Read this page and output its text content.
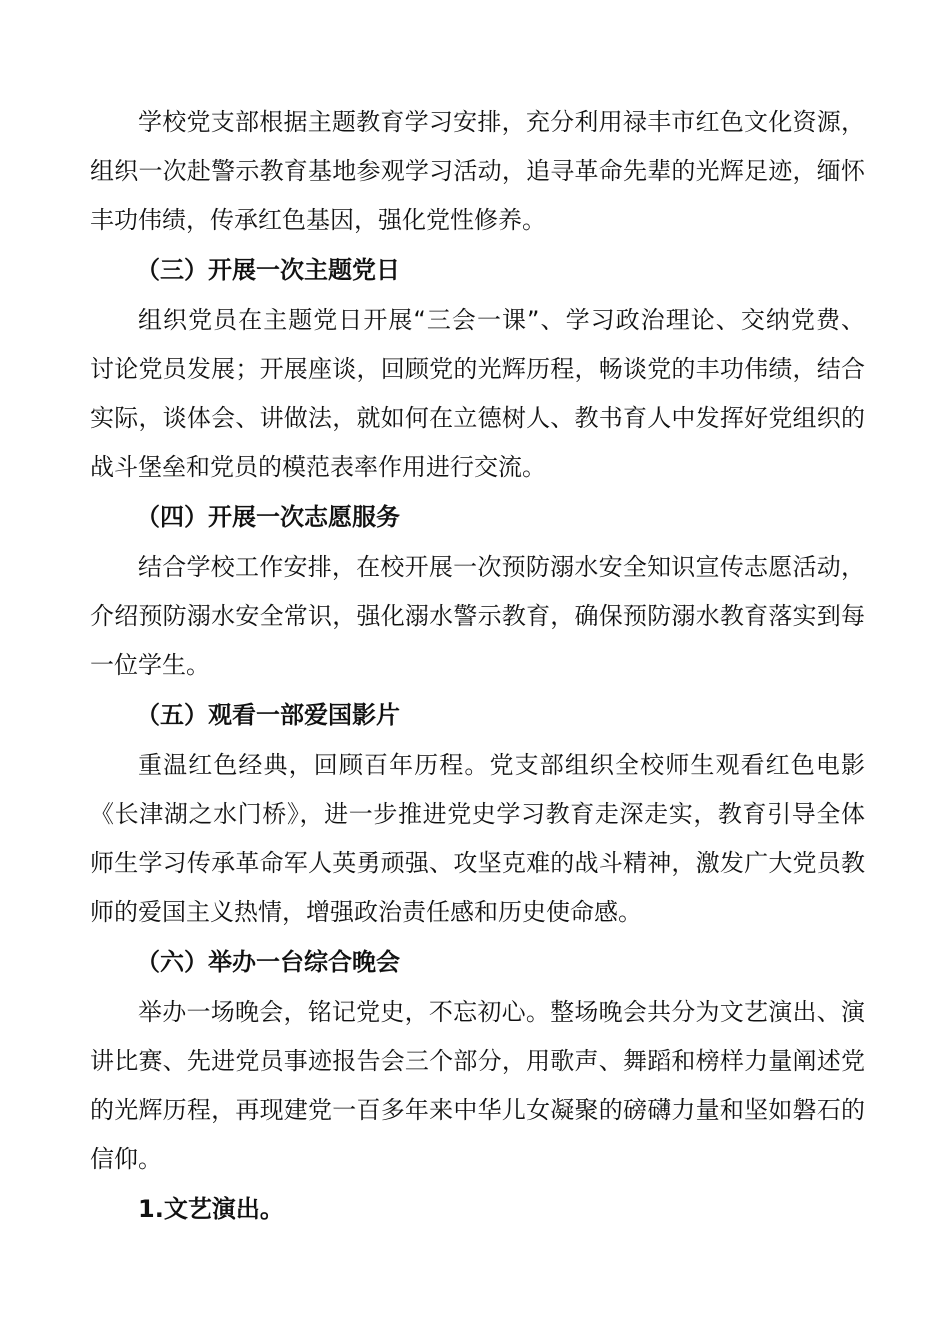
学校党支部根据主题教育学习安排，充分利用禄丰市红色文化资源，
组织一次赴警示教育基地参观学习活动，追寻革命先辈的光辉足迹，缅怀
丰功伟绩，传承红色基因，强化党性修养。
（三）开展一次主题党日
组织党员在主题党日开展“三会一课”、学习政治理论、交纳党费、
讨论党员发展；开展座谈，回顾党的光辉历程，畅谈党的丰功伟绩，结合
实际，谈体会、讲做法，就如何在立德树人、教书育人中发挥好党组织的
战斗堡垒和党员的模范表率作用进行交流。
（四）开展一次志愿服务
结合学校工作安排，在校开展一次预防溺水安全知识宣传志愿活动，
介绍预防溺水安全常识，强化溺水警示教育，确保预防溺水教育落实到每
一位学生。
（五）观看一部爱国影片
重温红色经典，回顾百年历程。党支部组织全校师生观看红色电影
《长津湖之水门桥》，进一步推进党史学习教育走深走实，教育引导全体
师生学习传承革命军人英勇顽强、攻坚克难的战斗精神，激发广大党员教
师的爱国主义热情，增强政治责任感和历史使命感。
（六）举办一台综合晚会
举办一场晚会，铭记党史，不忘初心。整场晚会共分为文艺演出、演
讲比赛、先进党员事迹报告会三个部分，用歌声、舞蹈和榜样力量阐述党
的光辉历程，再现建党一百多年来中华儿女凝聚的磅礴力量和坚如磐石的
信仰。
1.文艺演出。
